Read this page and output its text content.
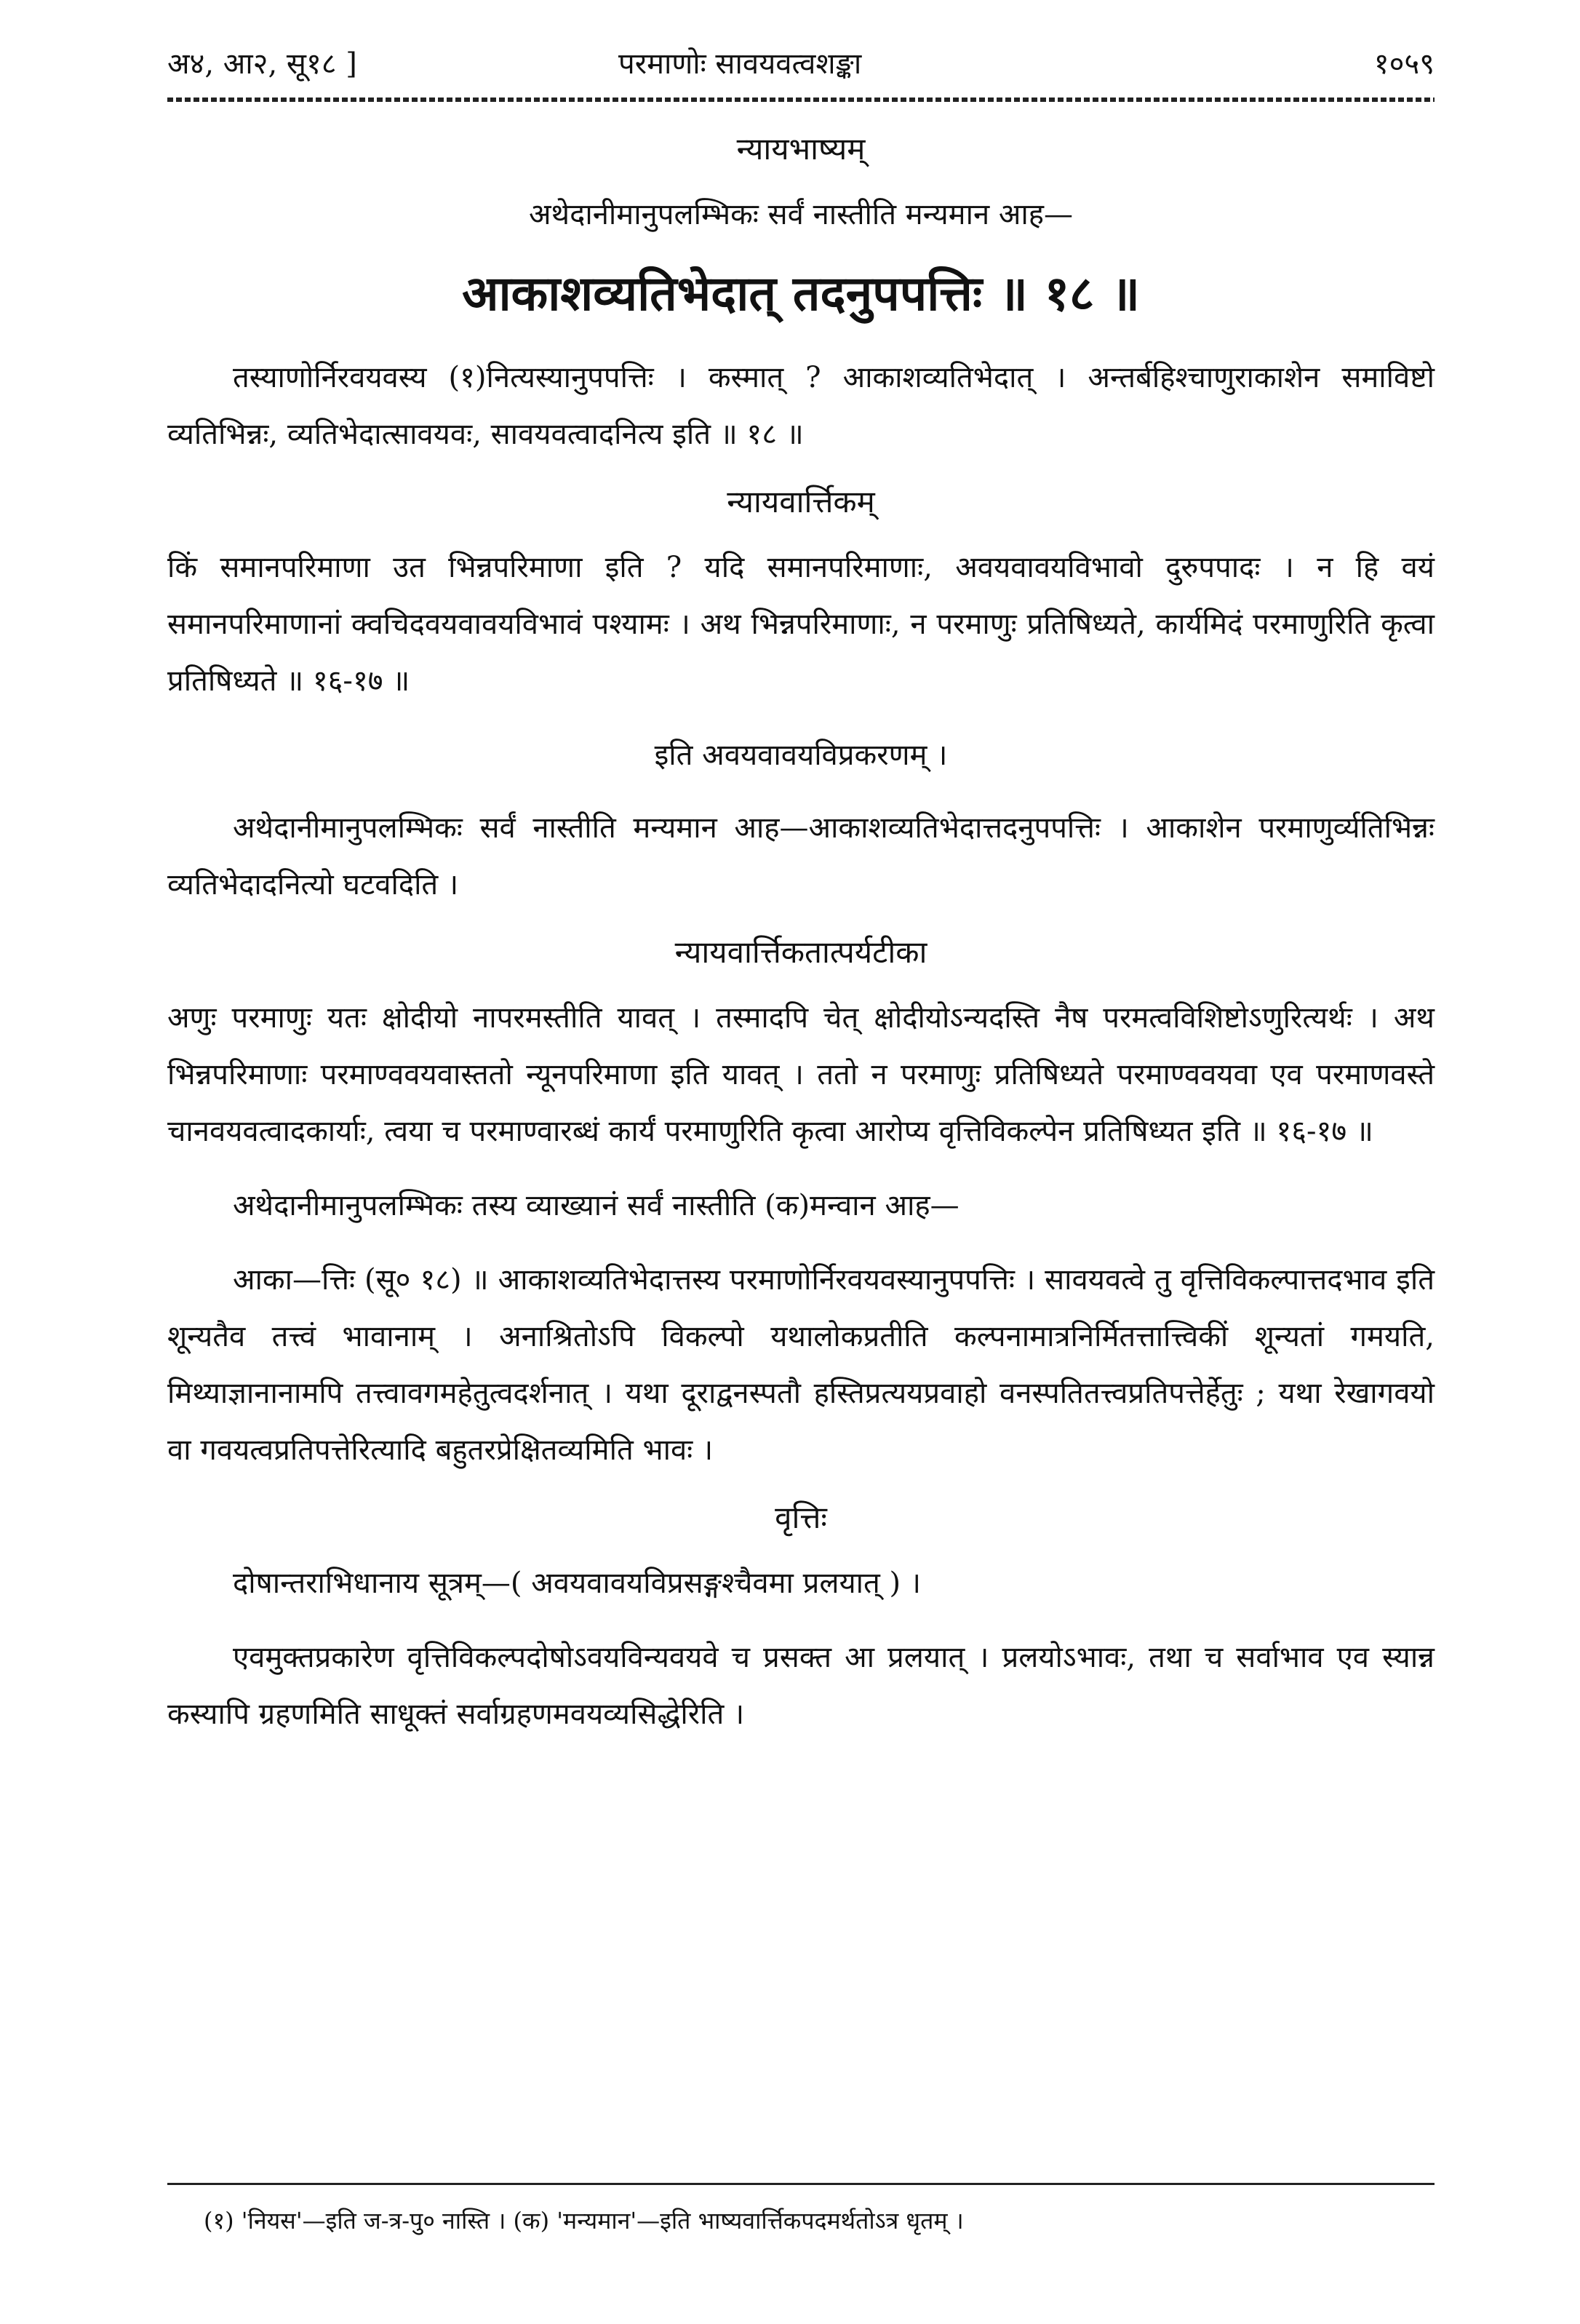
अ४, आ२, सू१८ ]	परमाणोः सावयवत्वशङ्का	१०५९
न्यायभाष्यम्
अथेदानीमानुपलम्भिकः सर्वं नास्तीति मन्यमान आह—
आकाशव्यतिभेदात् तदनुपपत्तिः ॥ १८ ॥

तस्याणोर्निरवयवस्य (१)नित्यस्यानुपपत्तिः । कस्मात् ? आकाशव्यतिभेदात् । अन्तर्बहिश्चाणुराकाशेन समाविष्टो व्यतिभिन्नः, व्यतिभेदात्सावयवः, सावयवत्वादनित्य इति ॥ १८ ॥

न्यायवार्त्तिकम्

किं समानपरिमाणा उत भिन्नपरिमाणा इति ? यदि समानपरिमाणाः, अवयवावयविभावो दुरुपपादः । न हि वयं समानपरिमाणानां क्वचिदवयवावयविभावं पश्यामः । अथ भिन्नपरिमाणाः, न परमाणुः प्रतिषिध्यते, कार्यमिदं परमाणुरिति कृत्वा प्रतिषिध्यते ॥ १६-१७ ॥

इति अवयवावयविप्रकरणम् ।

अथेदानीमानुपलम्भिकः सर्वं नास्तीति मन्यमान आह—आकाशव्यतिभेदात्तदनुपपत्तिः । आकाशेन परमाणुर्व्यतिभिन्नः व्यतिभेदादनित्यो घटवदिति ।

न्यायवार्त्तिकतात्पर्यटीका

अणुः परमाणुः यतः क्षोदीयो नापरमस्तीति यावत् । तस्मादपि चेत् क्षोदीयोऽन्यदस्ति नैष परमत्वविशिष्टोऽणुरित्यर्थः । अथ भिन्नपरिमाणाः परमाण्ववयवास्ततो न्यूनपरिमाणा इति यावत् । ततो न परमाणुः प्रतिषिध्यते परमाण्ववयवा एव परमाणवस्ते चानवयवत्वादकार्याः, त्वया च परमाण्वारब्धं कार्यं परमाणुरिति कृत्वा आरोप्य वृत्तिविकल्पेन प्रतिषिध्यत इति ॥ १६-१७ ॥

अथेदानीमानुपलम्भिकः तस्य व्याख्यानं सर्वं नास्तीति (क)मन्वान आह—

आका—त्तिः (सू० १८) ॥ आकाशव्यतिभेदात्तस्य परमाणोर्निरवयवस्यानुपपत्तिः । सावयवत्वे तु वृत्तिविकल्पात्तदभाव इति शून्यतैव तत्त्वं भावानाम् । अनाश्रितोऽपि विकल्पो यथालोकप्रतीति कल्पनामात्रनिर्मितत्तात्त्विकीं शून्यतां गमयति, मिथ्याज्ञानानामपि तत्त्वावगमहेतुत्वदर्शनात् । यथा दूराद्वनस्पतौ हस्तिप्रत्ययप्रवाहो वनस्पतितत्त्वप्रतिपत्तेर्हेतुः ; यथा रेखागवयो वा गवयत्वप्रतिपत्तेरित्यादि बहुतरप्रेक्षितव्यमिति भावः ।

वृत्तिः

दोषान्तराभिधानाय सूत्रम्—( अवयवावयविप्रसङ्गश्चैवमा प्रलयात् ) ।

एवमुक्तप्रकारेण वृत्तिविकल्पदोषोऽवयविन्यवयवे च प्रसक्त आ प्रलयात् । प्रलयोऽभावः, तथा च सर्वाभाव एव स्यान्न कस्यापि ग्रहणमिति साधूक्तं सर्वाग्रहणमवयव्यसिद्धेरिति ।

(१) 'नियस'—इति ज-त्र-पु० नास्ति । (क) 'मन्यमान'—इति भाष्यवार्त्तिकपदमर्थतोऽत्र धृतम् ।
